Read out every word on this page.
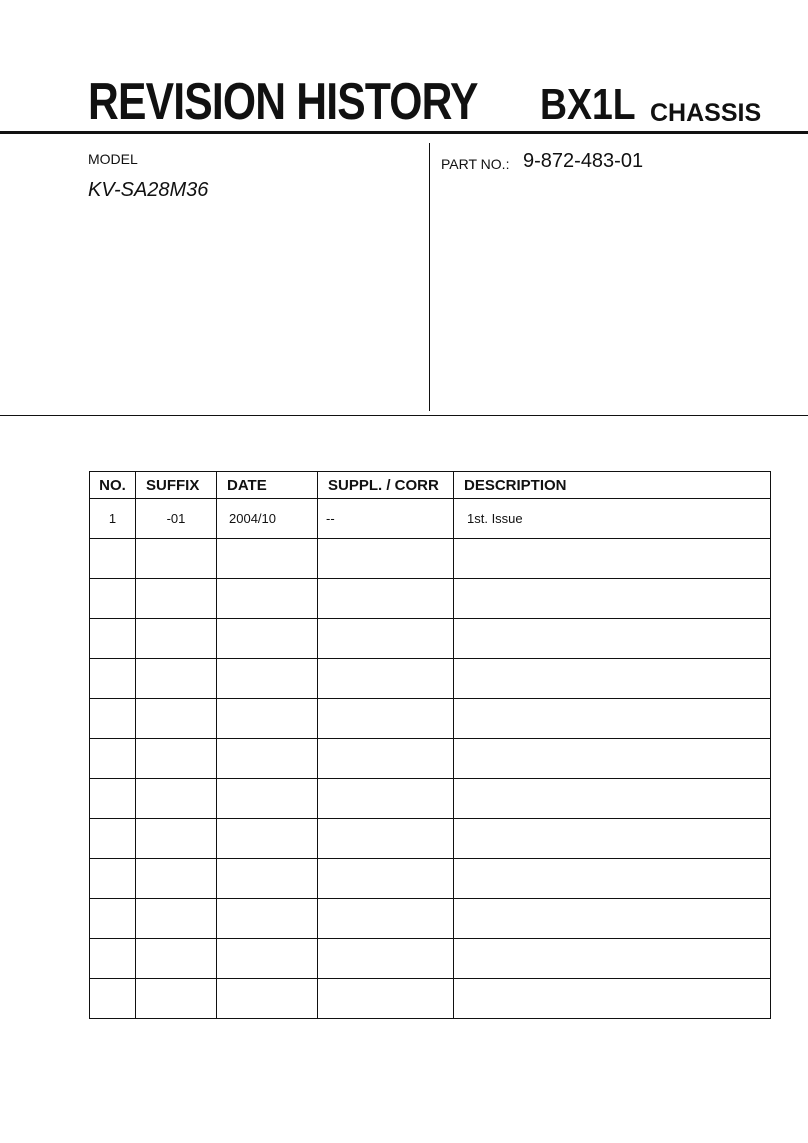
REVISION HISTORY BX1L CHASSIS
MODEL
KV-SA28M36
PART NO.: 9-872-483-01
NO.	SUFFIX	DATE	SUPPL. / CORR	DESCRIPTION
1	-01	2004/10	--	1st. Issue
